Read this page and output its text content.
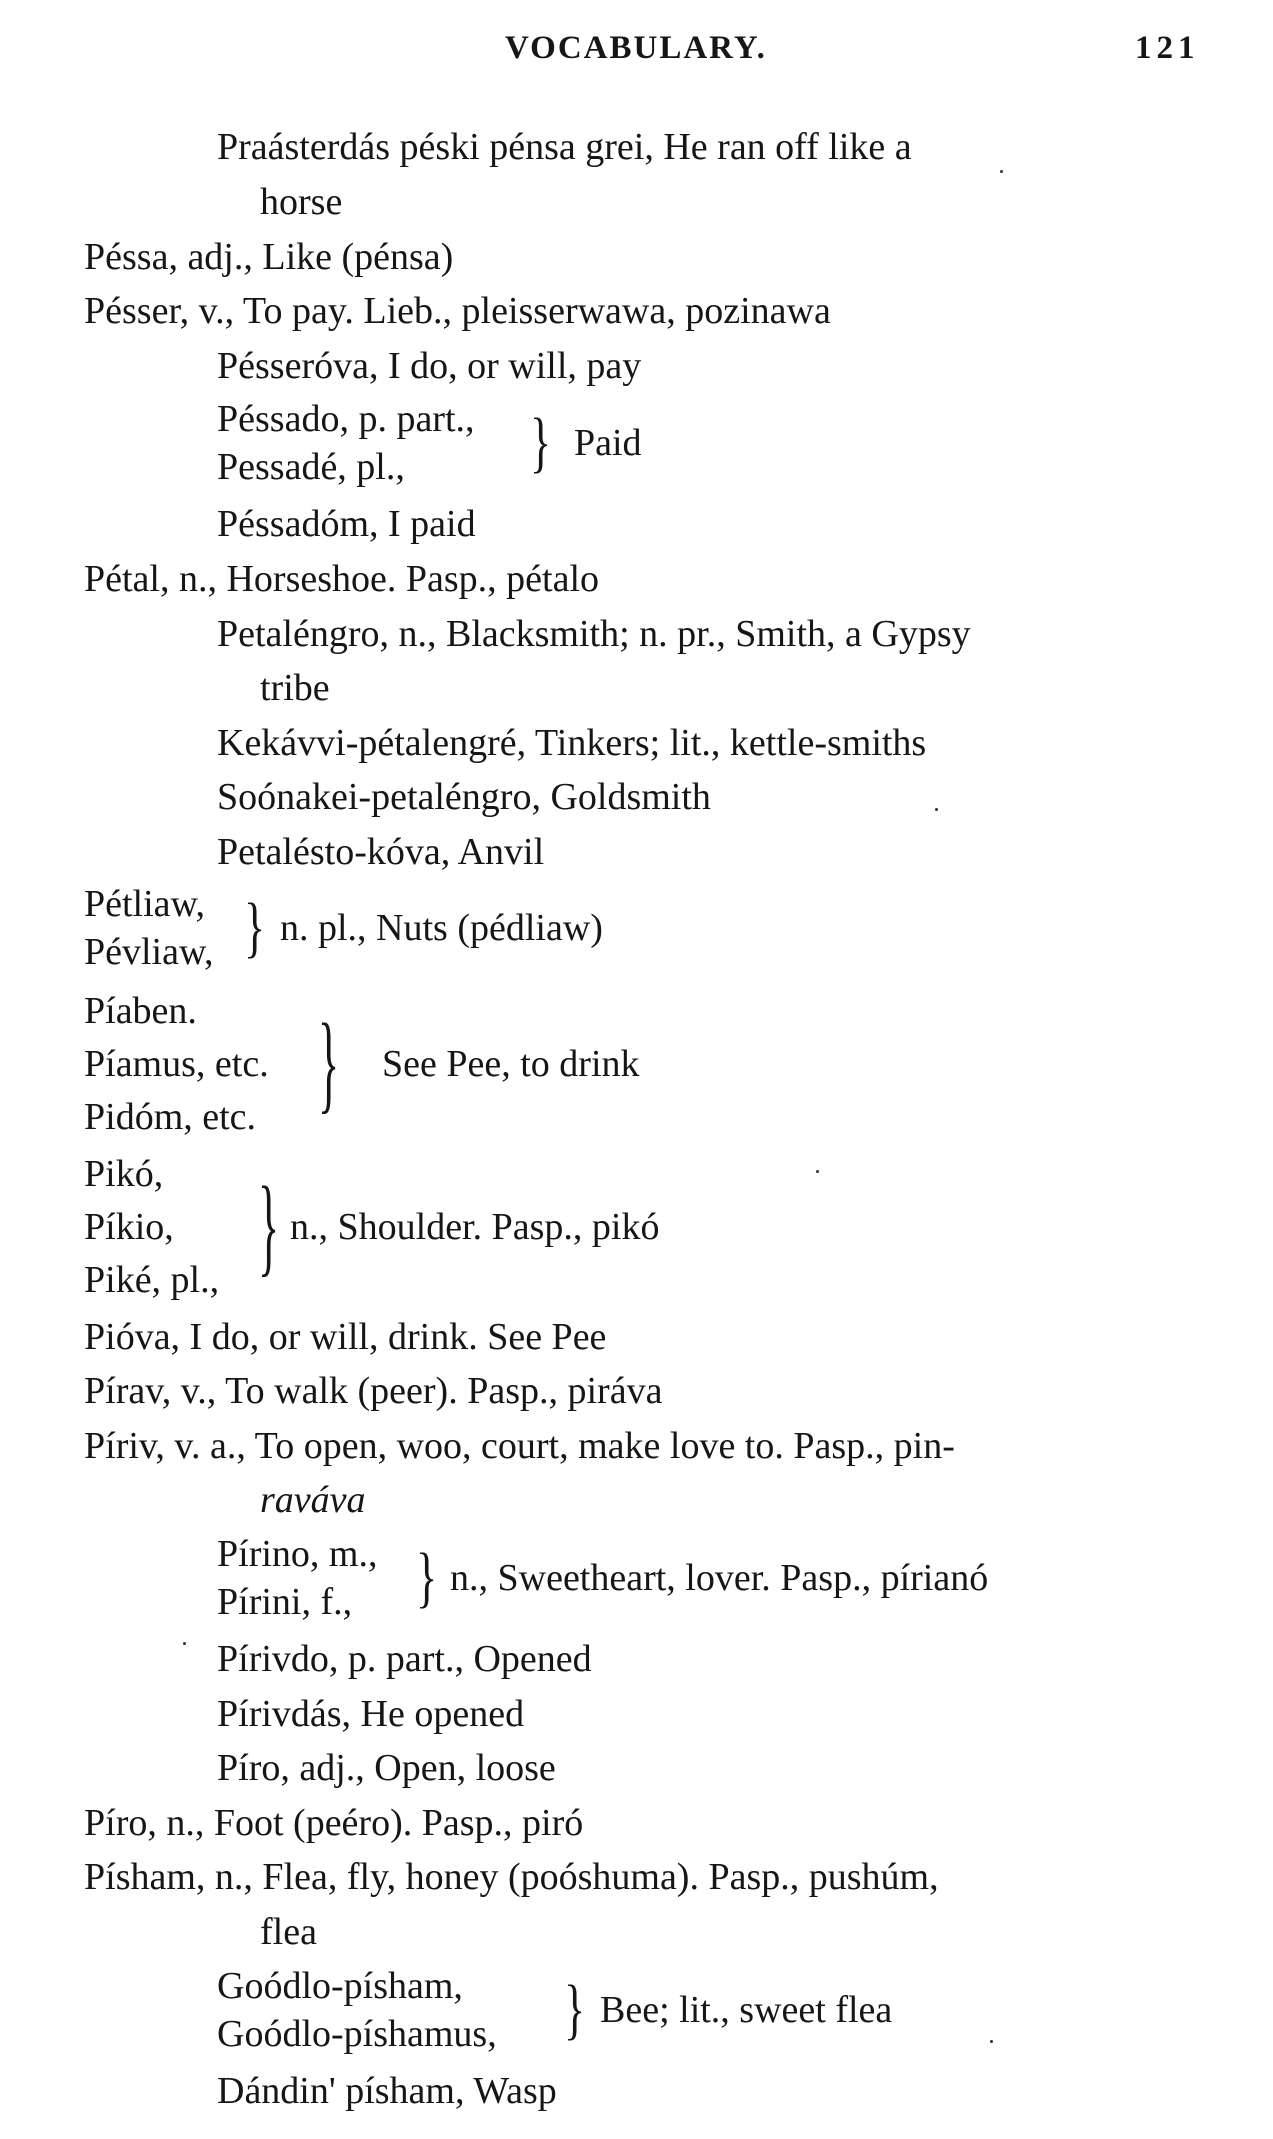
VOCABULARY.	121
Praásterdás péski pénsa grei, He ran off like a
horse
Péssa, adj., Like (pénsa)
Pésser, v., To pay. Lieb., pleisserwawa, pozinawa
Pésseróva, I do, or will, pay
Péssado, p. part.,
Pessadé, pl.,	} Paid
Péssadóm, I paid
Pétal, n., Horseshoe. Pasp., pétalo
Petaléngro, n., Blacksmith; n. pr., Smith, a Gypsy
tribe
Kekávvi-pétalengré, Tinkers; lit., kettle-smiths
Soónakei-petaléngro, Goldsmith
Petalésto-kóva, Anvil
Pétliaw,
Pévliaw, } n. pl., Nuts (pédliaw)
Píaben.
Píamus, etc.
Pidóm, etc. } See Pee, to drink
Pikó,
Píkio,
Piké, pl., } n., Shoulder. Pasp., pikó
Pióva, I do, or will, drink. See Pee
Pírav, v., To walk (peer). Pasp., piráva
Píriv, v. a., To open, woo, court, make love to. Pasp., pin-
ravávа
Pírino, m.,
Pírini, f., } n., Sweetheart, lover. Pasp., pírianó
Pírivdo, p. part., Opened
Pírivdás, He opened
Píro, adj., Open, loose
Píro, n., Foot (peéro). Pasp., piró
Písham, n., Flea, fly, honey (poóshuma). Pasp., pushúm,
flea
Goódlo-písham,
Goódlo-píshamus, } Bee; lit., sweet flea
Dándin' písham, Wasp
